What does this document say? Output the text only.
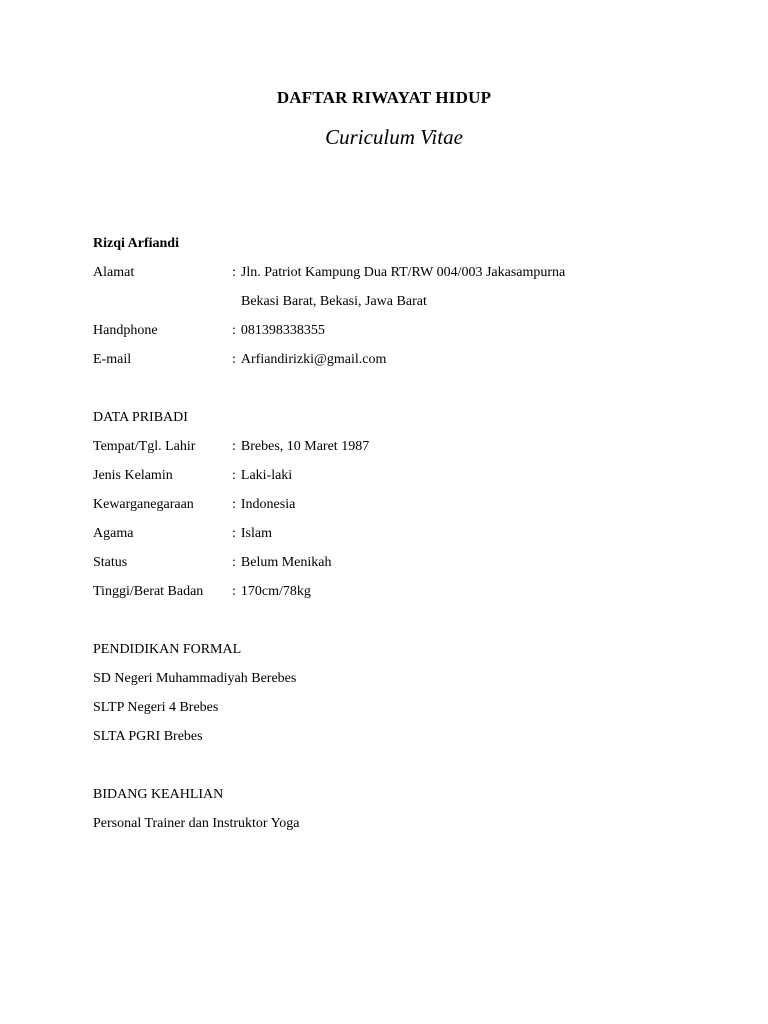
DAFTAR RIWAYAT HIDUP
Curiculum Vitae
Rizqi Arfiandi
Alamat	: Jln. Patriot Kampung Dua RT/RW 004/003 Jakasampurna
Bekasi Barat, Bekasi, Jawa Barat
Handphone	: 081398338355
E-mail	: Arfiandirizki@gmail.com
DATA PRIBADI
Tempat/Tgl. Lahir	: Brebes, 10 Maret 1987
Jenis Kelamin	: Laki-laki
Kewarganegaraan	: Indonesia
Agama	: Islam
Status	: Belum Menikah
Tinggi/Berat Badan : 170cm/78kg
PENDIDIKAN FORMAL
SD Negeri Muhammadiyah Berebes
SLTP Negeri 4 Brebes
SLTA PGRI Brebes
BIDANG KEAHLIAN
Personal Trainer dan Instruktor Yoga
